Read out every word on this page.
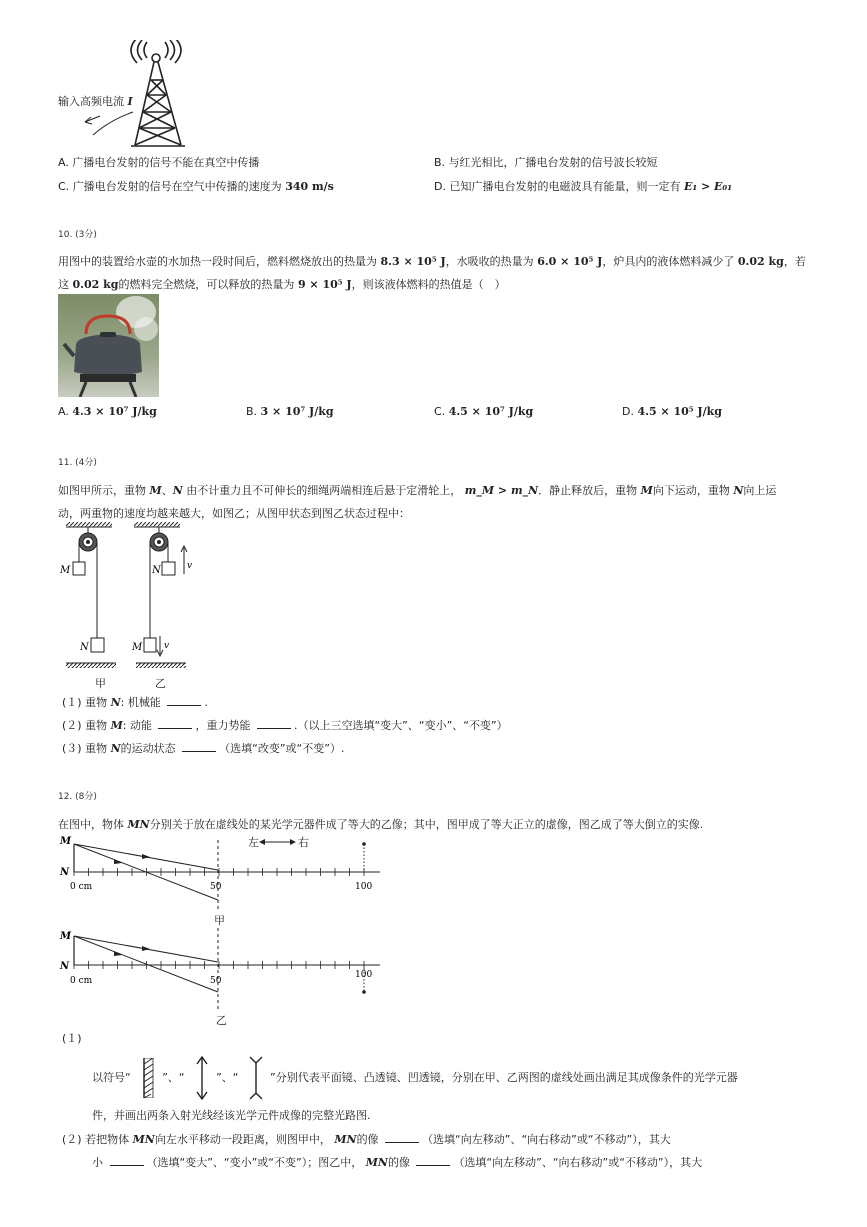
输入高频电流 I
A. 广播电台发射的信号不能在真空中传播	B. 与红光相比，广播电台发射的信号波长较短
C. 广播电台发射的信号在空气中传播的速度为 340 m/s	D. 已知广播电台发射的电磁波具有能量，则一定有 E₁ > E₀₁
10. (3分)
用图中的装置给水壶的水加热一段时间后，燃料燃烧放出的热量为 8.3 × 10⁵ J，水吸收的热量为 6.0 × 10⁵ J，炉具内的液体燃料减少了 0.02 kg，若
这 0.02 kg的燃料完全燃烧，可以释放的热量为 9 × 10⁵ J，则该液体燃料的热值是（　）
A. 4.3 × 10⁷ J/kg	B. 3 × 10⁷ J/kg	C. 4.5 × 10⁷ J/kg	D. 4.5 × 10⁵ J/kg
11. (4分)
如图甲所示，重物 M、N 由不计重力且不可伸长的细绳两端相连后悬于定滑轮上， m_M > m_N．静止释放后，重物 M向下运动，重物 N向上运
动，两重物的速度均越来越大，如图乙；从图甲状态到图乙状态过程中：
M
N
N
M
v
v
甲	乙
(１) 重物 N: 机械能	.
(２) 重物 M: 动能	，重力势能	.（以上三空选填“变大”、“变小”、“不变”）
(３) 重物 N的运动状态	（选填“改变”或“不变”）.
12. (8分)
在图中，物体 MN分别关于放在虚线处的某光学元器件成了等大的乙像；其中，图甲成了等大正立的虚像，图乙成了等大倒立的实像.
M
N
0 cm	50	100
M
N
0 cm	50
100
左	右
甲
乙
(１)
以符号“	”、“	”、“	”分别代表平面镜、凸透镜、凹透镜，分别在甲、乙两图的虚线处画出满足其成像条件的光学元器
件，并画出两条入射光线经该光学元件成像的完整光路图.
(２) 若把物体 MN向左水平移动一段距离，则图甲中， MN的像	（选填“向左移动”、“向右移动”或“不移动”），其大
小	（选填“变大”、“变小”或“不变”）；图乙中， MN的像	（选填“向左移动”、“向右移动”或“不移动”），其大
